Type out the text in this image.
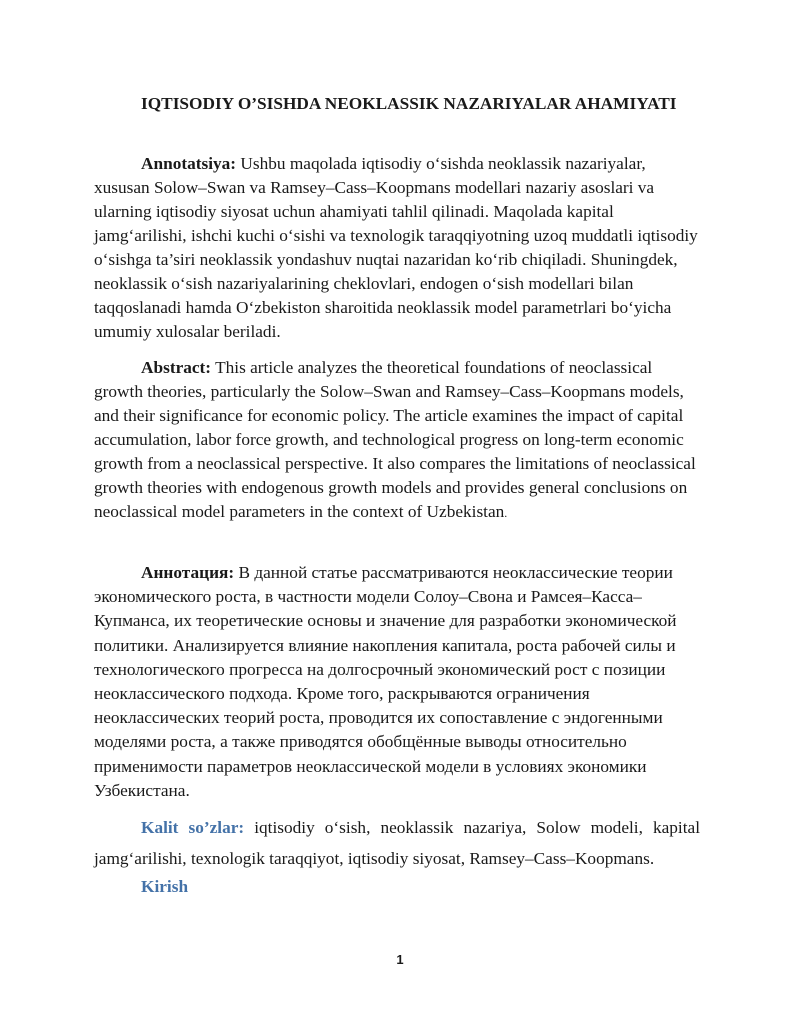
IQTISODIY O’SISHDA NEOKLASSIK NAZARIYALAR AHAMIYATI

Annotatsiya: Ushbu maqolada iqtisodiy o‘sishda neoklassik nazariyalar, xususan Solow–Swan va Ramsey–Cass–Koopmans modellari nazariy asoslari va ularning iqtisodiy siyosat uchun ahamiyati tahlil qilinadi. Maqolada kapital jamg‘arilishi, ishchi kuchi o‘sishi va texnologik taraqqiyotning uzoq muddatli iqtisodiy o‘sishga ta’siri neoklassik yondashuv nuqtai nazaridan ko‘rib chiqiladi. Shuningdek, neoklassik o‘sish nazariyalarining cheklovlari, endogen o‘sish modellari bilan taqqoslanadi hamda O‘zbekiston sharoitida neoklassik model parametrlari bo‘yicha umumiy xulosalar beriladi.

Abstract: This article analyzes the theoretical foundations of neoclassical growth theories, particularly the Solow–Swan and Ramsey–Cass–Koopmans models, and their significance for economic policy. The article examines the impact of capital accumulation, labor force growth, and technological progress on long-term economic growth from a neoclassical perspective. It also compares the limitations of neoclassical growth theories with endogenous growth models and provides general conclusions on neoclassical model parameters in the context of Uzbekistan.

Аннотация: В данной статье рассматриваются неоклассические теории экономического роста, в частности модели Солоу–Свона и Рамсея–Касса–Купманса, их теоретические основы и значение для разработки экономической политики. Анализируется влияние накопления капитала, роста рабочей силы и технологического прогресса на долгосрочный экономический рост с позиции неоклассического подхода. Кроме того, раскрываются ограничения неоклассических теорий роста, проводится их сопоставление с эндогенными моделями роста, а также приводятся обобщённые выводы относительно применимости параметров неоклассической модели в условиях экономики Узбекистана.

Kalit so’zlar: iqtisodiy o‘sish, neoklassik nazariya, Solow modeli, kapital jamg‘arilishi, texnologik taraqqiyot, iqtisodiy siyosat, Ramsey–Cass–Koopmans.

Kirish
1
